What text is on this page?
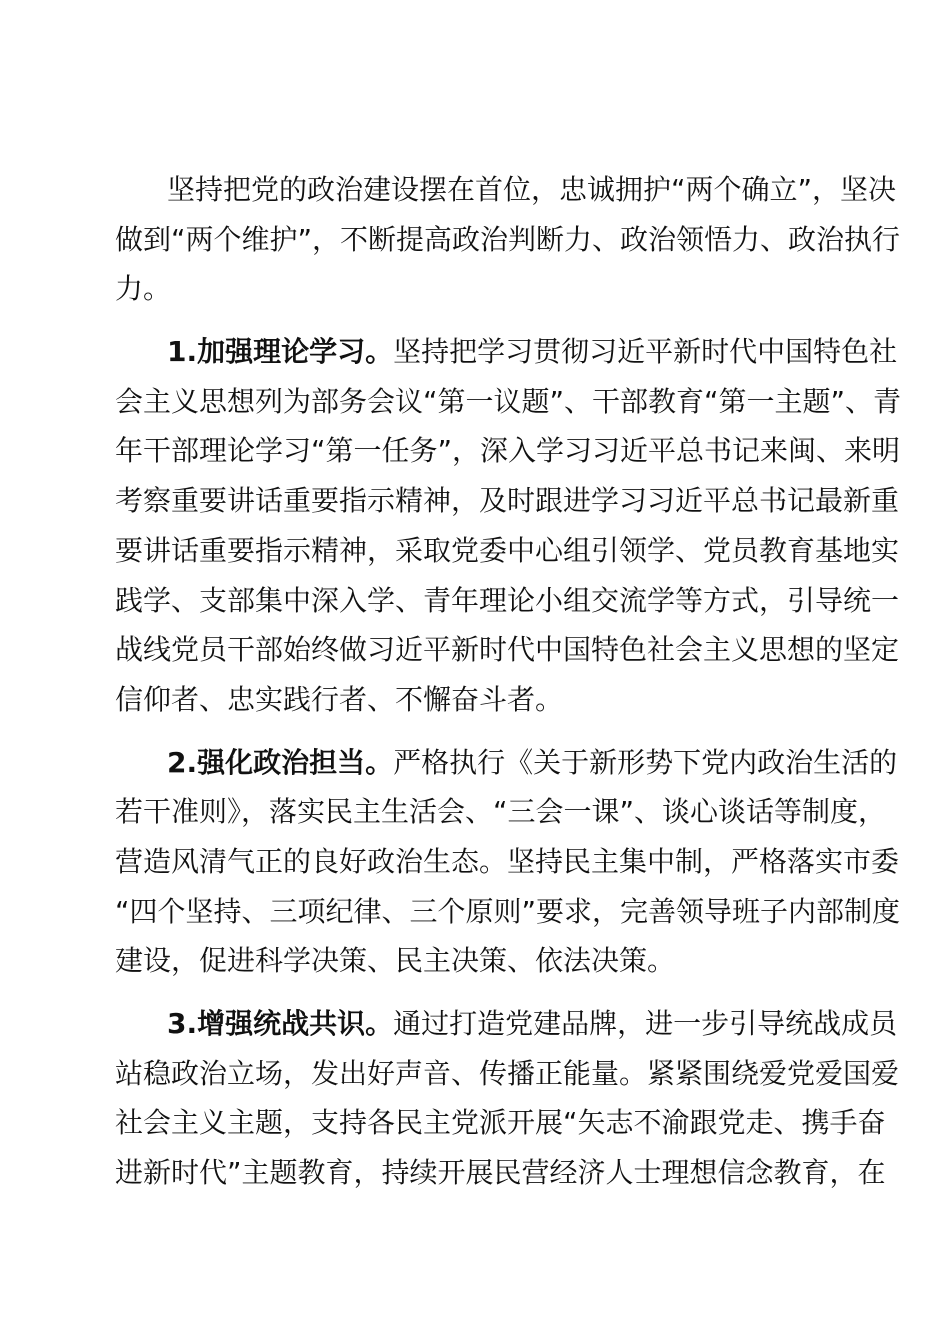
坚持把党的政治建设摆在首位，忠诚拥护“两个确立”，坚决
做到“两个维护”，不断提高政治判断力、政治领悟力、政治执行
力。
1.加强理论学习。坚持把学习贯彻习近平新时代中国特色社
会主义思想列为部务会议“第一议题”、干部教育“第一主题”、青
年干部理论学习“第一任务”，深入学习习近平总书记来闽、来明
考察重要讲话重要指示精神，及时跟进学习习近平总书记最新重
要讲话重要指示精神，采取党委中心组引领学、党员教育基地实
践学、支部集中深入学、青年理论小组交流学等方式，引导统一
战线党员干部始终做习近平新时代中国特色社会主义思想的坚定
信仰者、忠实践行者、不懈奋斗者。
2.强化政治担当。严格执行《关于新形势下党内政治生活的
若干准则》，落实民主生活会、“三会一课”、谈心谈话等制度，
营造风清气正的良好政治生态。坚持民主集中制，严格落实市委
“四个坚持、三项纪律、三个原则”要求，完善领导班子内部制度
建设，促进科学决策、民主决策、依法决策。
3.增强统战共识。通过打造党建品牌，进一步引导统战成员
站稳政治立场，发出好声音、传播正能量。紧紧围绕爱党爱国爱
社会主义主题，支持各民主党派开展“矢志不渝跟党走、携手奋
进新时代”主题教育，持续开展民营经济人士理想信念教育，在
